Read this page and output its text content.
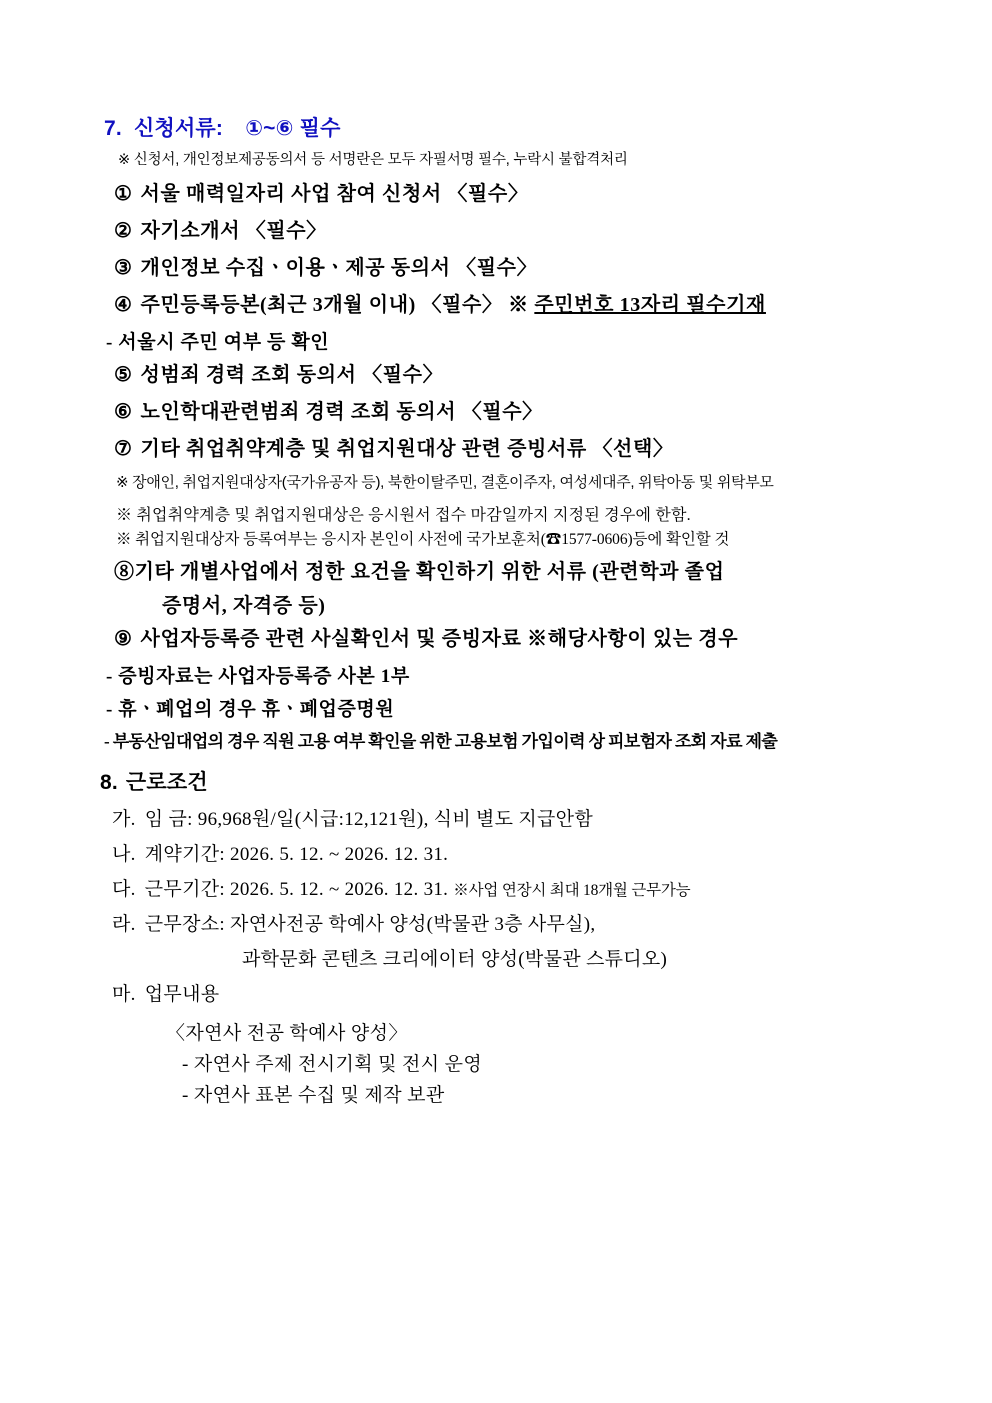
7. 신청서류: ①~⑥ 필수
※ 신청서, 개인정보제공동의서 등 서명란은 모두 자필서명 필수, 누락시 불합격처리
① 서울 매력일자리 사업 참여 신청서 〈필수〉
② 자기소개서 〈필수〉
③ 개인정보 수집ㆍ이용ㆍ제공 동의서 〈필수〉
④ 주민등록등본(최근 3개월 이내) 〈필수〉 ※ 주민번호 13자리 필수기재
- 서울시 주민 여부 등 확인
⑤ 성범죄 경력 조회 동의서 〈필수〉
⑥ 노인학대관련범죄 경력 조회 동의서 〈필수〉
⑦ 기타 취업취약계층 및 취업지원대상 관련 증빙서류 〈선택〉
※ 장애인, 취업지원대상자(국가유공자 등), 북한이탈주민, 결혼이주자, 여성세대주, 위탁아동 및 위탁부모
※ 취업취약계층 및 취업지원대상은 응시원서 접수 마감일까지 지정된 경우에 한함.
※ 취업지원대상자 등록여부는 응시자 본인이 사전에 국가보훈처(☎1577-0606)등에 확인할 것
⑧기타 개별사업에서 정한 요건을 확인하기 위한 서류 (관련학과 졸업
증명서, 자격증 등)
⑨ 사업자등록증 관련 사실확인서 및 증빙자료 ※해당사항이 있는 경우
- 증빙자료는 사업자등록증 사본 1부
- 휴ㆍ폐업의 경우 휴ㆍ폐업증명원
- 부동산임대업의 경우 직원 고용 여부 확인을 위한 고용보험 가입이력 상 피보험자 조회 자료 제출
8. 근로조건
가. 임 금: 96,968원/일(시급:12,121원), 식비 별도 지급안함
나. 계약기간: 2026. 5. 12. ~ 2026. 12. 31.
다. 근무기간: 2026. 5. 12. ~ 2026. 12. 31. ※사업 연장시 최대 18개월 근무가능
라. 근무장소: 자연사전공 학예사 양성(박물관 3층 사무실),
과학문화 콘텐츠 크리에이터 양성(박물관 스튜디오)
마. 업무내용
〈자연사 전공 학예사 양성〉
- 자연사 주제 전시기획 및 전시 운영
- 자연사 표본 수집 및 제작 보관
